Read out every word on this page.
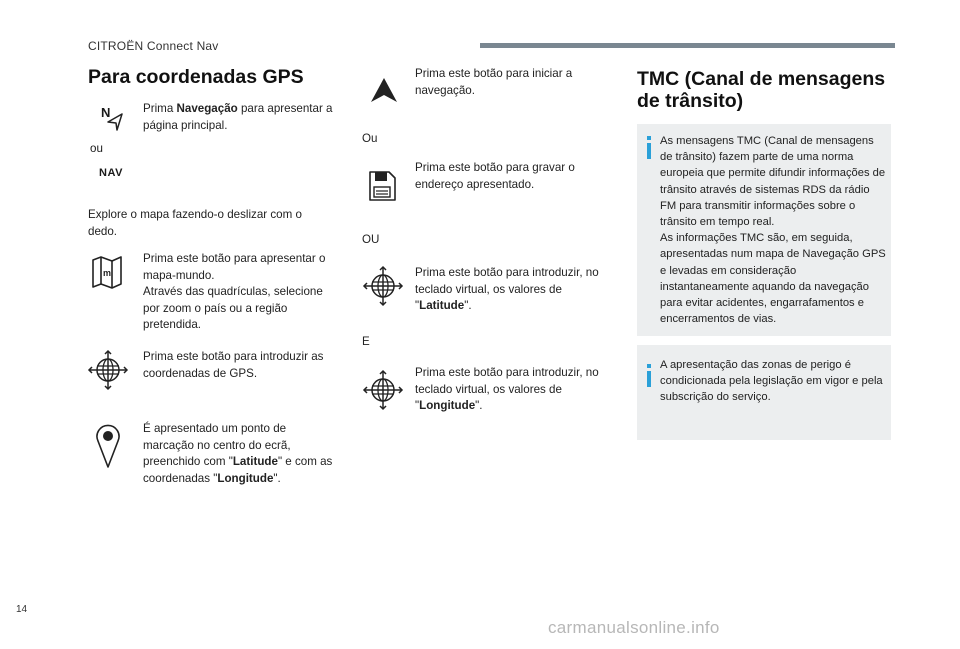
CITROËN Connect Nav
Para coordenadas GPS
N
ou
NAV
Prima Navegação para apresentar a página principal.
Explore o mapa fazendo-o deslizar com o dedo.
m
Prima este botão para apresentar o mapa-mundo.
Através das quadrículas, selecione por zoom o país ou a região pretendida.
Prima este botão para introduzir as coordenadas de GPS.
É apresentado um ponto de marcação no centro do ecrã, preenchido com "Latitude" e com as coordenadas "Longitude".
Prima este botão para iniciar a navegação.
Ou
Prima este botão para gravar o endereço apresentado.
OU
Prima este botão para introduzir, no teclado virtual, os valores de "Latitude".
E
Prima este botão para introduzir, no teclado virtual, os valores de "Longitude".
TMC (Canal de mensagens de trânsito)
As mensagens TMC (Canal de mensagens de trânsito) fazem parte de uma norma europeia que permite difundir informações de trânsito através de sistemas RDS da rádio FM para transmitir informações sobre o trânsito em tempo real.
As informações TMC são, em seguida, apresentadas num mapa de Navegação GPS e levadas em consideração instantaneamente aquando da navegação para evitar acidentes, engarrafamentos e encerramentos de vias.
A apresentação das zonas de perigo é condicionada pela legislação em vigor e pela subscrição do serviço.
14
carmanualsonline.info
